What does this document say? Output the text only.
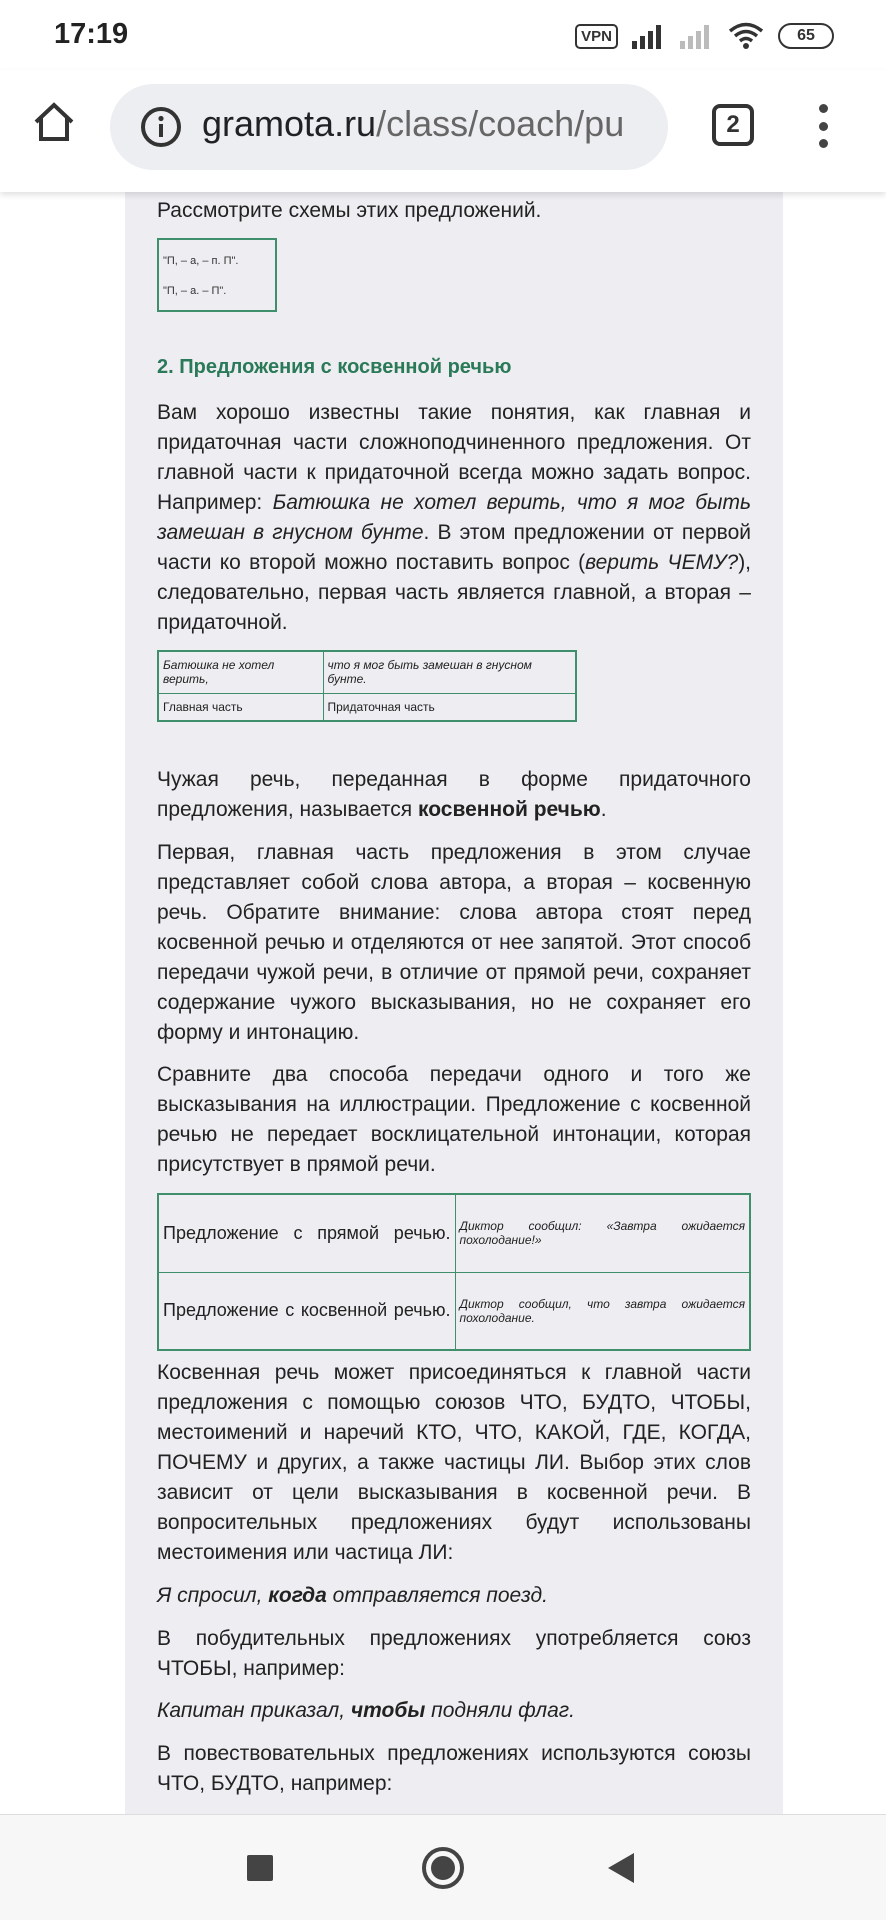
17:19	VPN	65
gramota.ru/class/coach/pu	2

Рассмотрите схемы этих предложений.

"П, – а, – п. П".
"П, – а. – П".
2. Предложения с косвенной речью

Вам хорошо известны такие понятия, как главная и придаточная части сложноподчиненного предложения. От главной части к придаточной всегда можно задать вопрос. Например: Батюшка не хотел верить, что я мог быть замешан в гнусном бунте. В этом предложении от первой части ко второй можно поставить вопрос (верить ЧЕМУ?), следовательно, первая часть является главной, а вторая – придаточной.

Батюшка не хотел верить,	что я мог быть замешан в гнусном бунте.
Главная часть	Придаточная часть

Чужая речь, переданная в форме придаточного предложения, называется косвенной речью.

Первая, главная часть предложения в этом случае представляет собой слова автора, а вторая – косвенную речь. Обратите внимание: слова автора стоят перед косвенной речью и отделяются от нее запятой. Этот способ передачи чужой речи, в отличие от прямой речи, сохраняет содержание чужого высказывания, но не сохраняет его форму и интонацию.

Сравните два способа передачи одного и того же высказывания на иллюстрации. Предложение с косвенной речью не передает восклицательной интонации, которая присутствует в прямой речи.

Предложение с прямой речью.	Диктор сообщил: «Завтра ожидается похолодание!»
Предложение с косвенной речью.	Диктор сообщил, что завтра ожидается похолодание.

Косвенная речь может присоединяться к главной части предложения с помощью союзов ЧТО, БУДТО, ЧТОБЫ, местоимений и наречий КТО, ЧТО, КАКОЙ, ГДЕ, КОГДА, ПОЧЕМУ и других, а также частицы ЛИ. Выбор этих слов зависит от цели высказывания в косвенной речи. В вопросительных предложениях будут использованы местоимения или частица ЛИ:

Я спросил, когда отправляется поезд.

В побудительных предложениях употребляется союз ЧТОБЫ, например:

Капитан приказал, чтобы подняли флаг.

В повествовательных предложениях используются союзы ЧТО, БУДТО, например:
